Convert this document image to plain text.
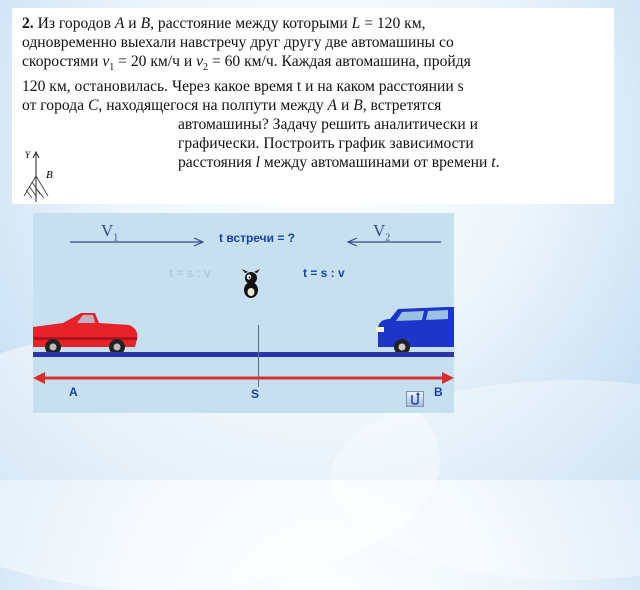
2. Из городов А и В, расстояние между которыми L = 120 км,

одновременно выехали навстречу друг другу две автомашины со

скоростями $v_1 = 20$ км/ч и $v_2 = 60$ км/ч. Каждая автомашина, пройдя

120 км, остановилась. Через какое время t и на каком расстоянии s

от города С, находящегося на полпути между А и В, встретятся

автомашины? Задачу решить аналитически и

графически. Построить график зависимости

расстояния l между автомашинами от времени t.

Y
B
$V_1$	t встречи = ?	$V_2$
t = s : v	t = s : v
A	S	B
